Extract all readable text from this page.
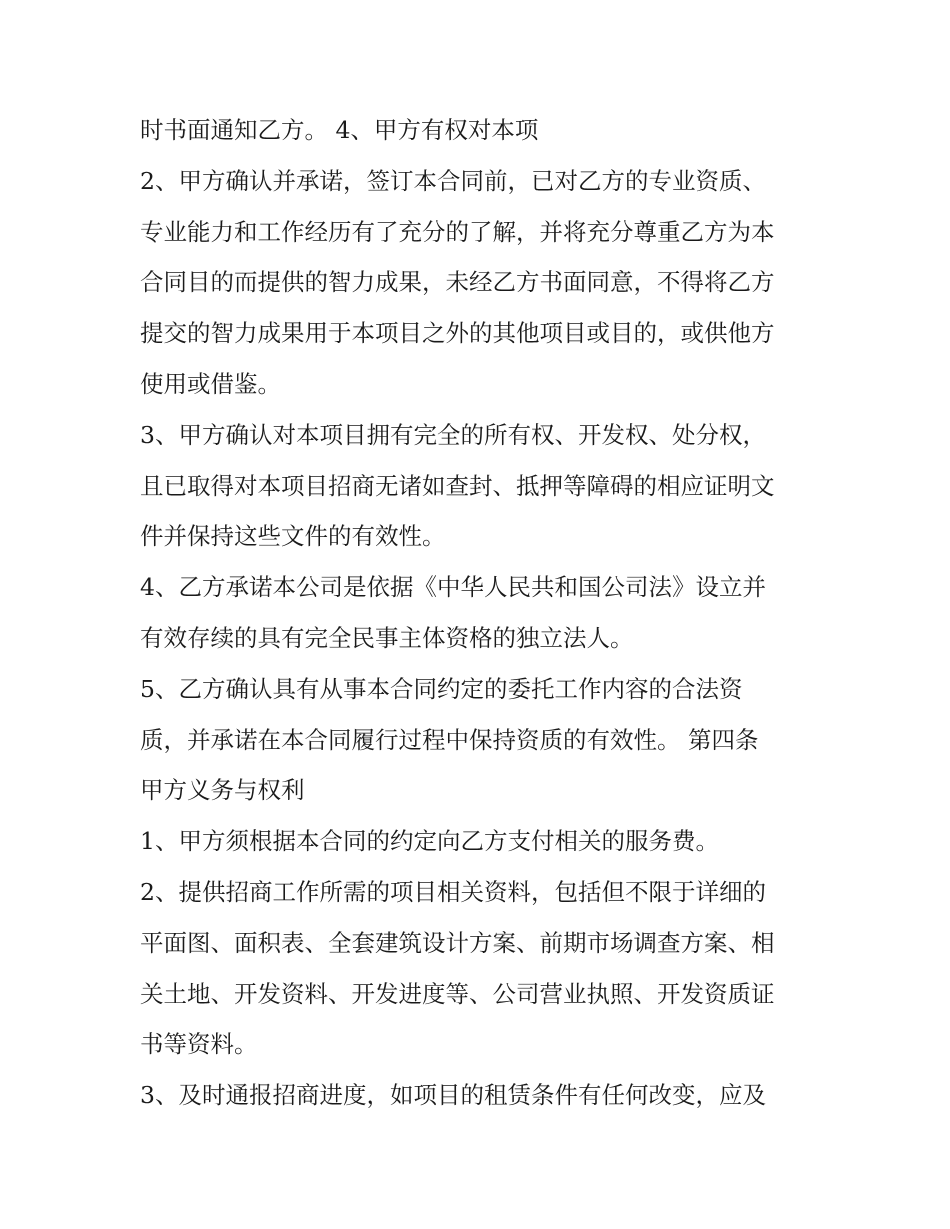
时书面通知乙方。 4、甲方有权对本项
2、甲方确认并承诺，签订本合同前，已对乙方的专业资质、
专业能力和工作经历有了充分的了解，并将充分尊重乙方为本
合同目的而提供的智力成果，未经乙方书面同意，不得将乙方
提交的智力成果用于本项目之外的其他项目或目的，或供他方
使用或借鉴。
3、甲方确认对本项目拥有完全的所有权、开发权、处分权，
且已取得对本项目招商无诸如查封、抵押等障碍的相应证明文
件并保持这些文件的有效性。
4、乙方承诺本公司是依据《中华人民共和国公司法》设立并
有效存续的具有完全民事主体资格的独立法人。
5、乙方确认具有从事本合同约定的委托工作内容的合法资
质，并承诺在本合同履行过程中保持资质的有效性。 第四条
甲方义务与权利
1、甲方须根据本合同的约定向乙方支付相关的服务费。
2、提供招商工作所需的项目相关资料，包括但不限于详细的
平面图、面积表、全套建筑设计方案、前期市场调查方案、相
关土地、开发资料、开发进度等、公司营业执照、开发资质证
书等资料。
3、及时通报招商进度，如项目的租赁条件有任何改变，应及
